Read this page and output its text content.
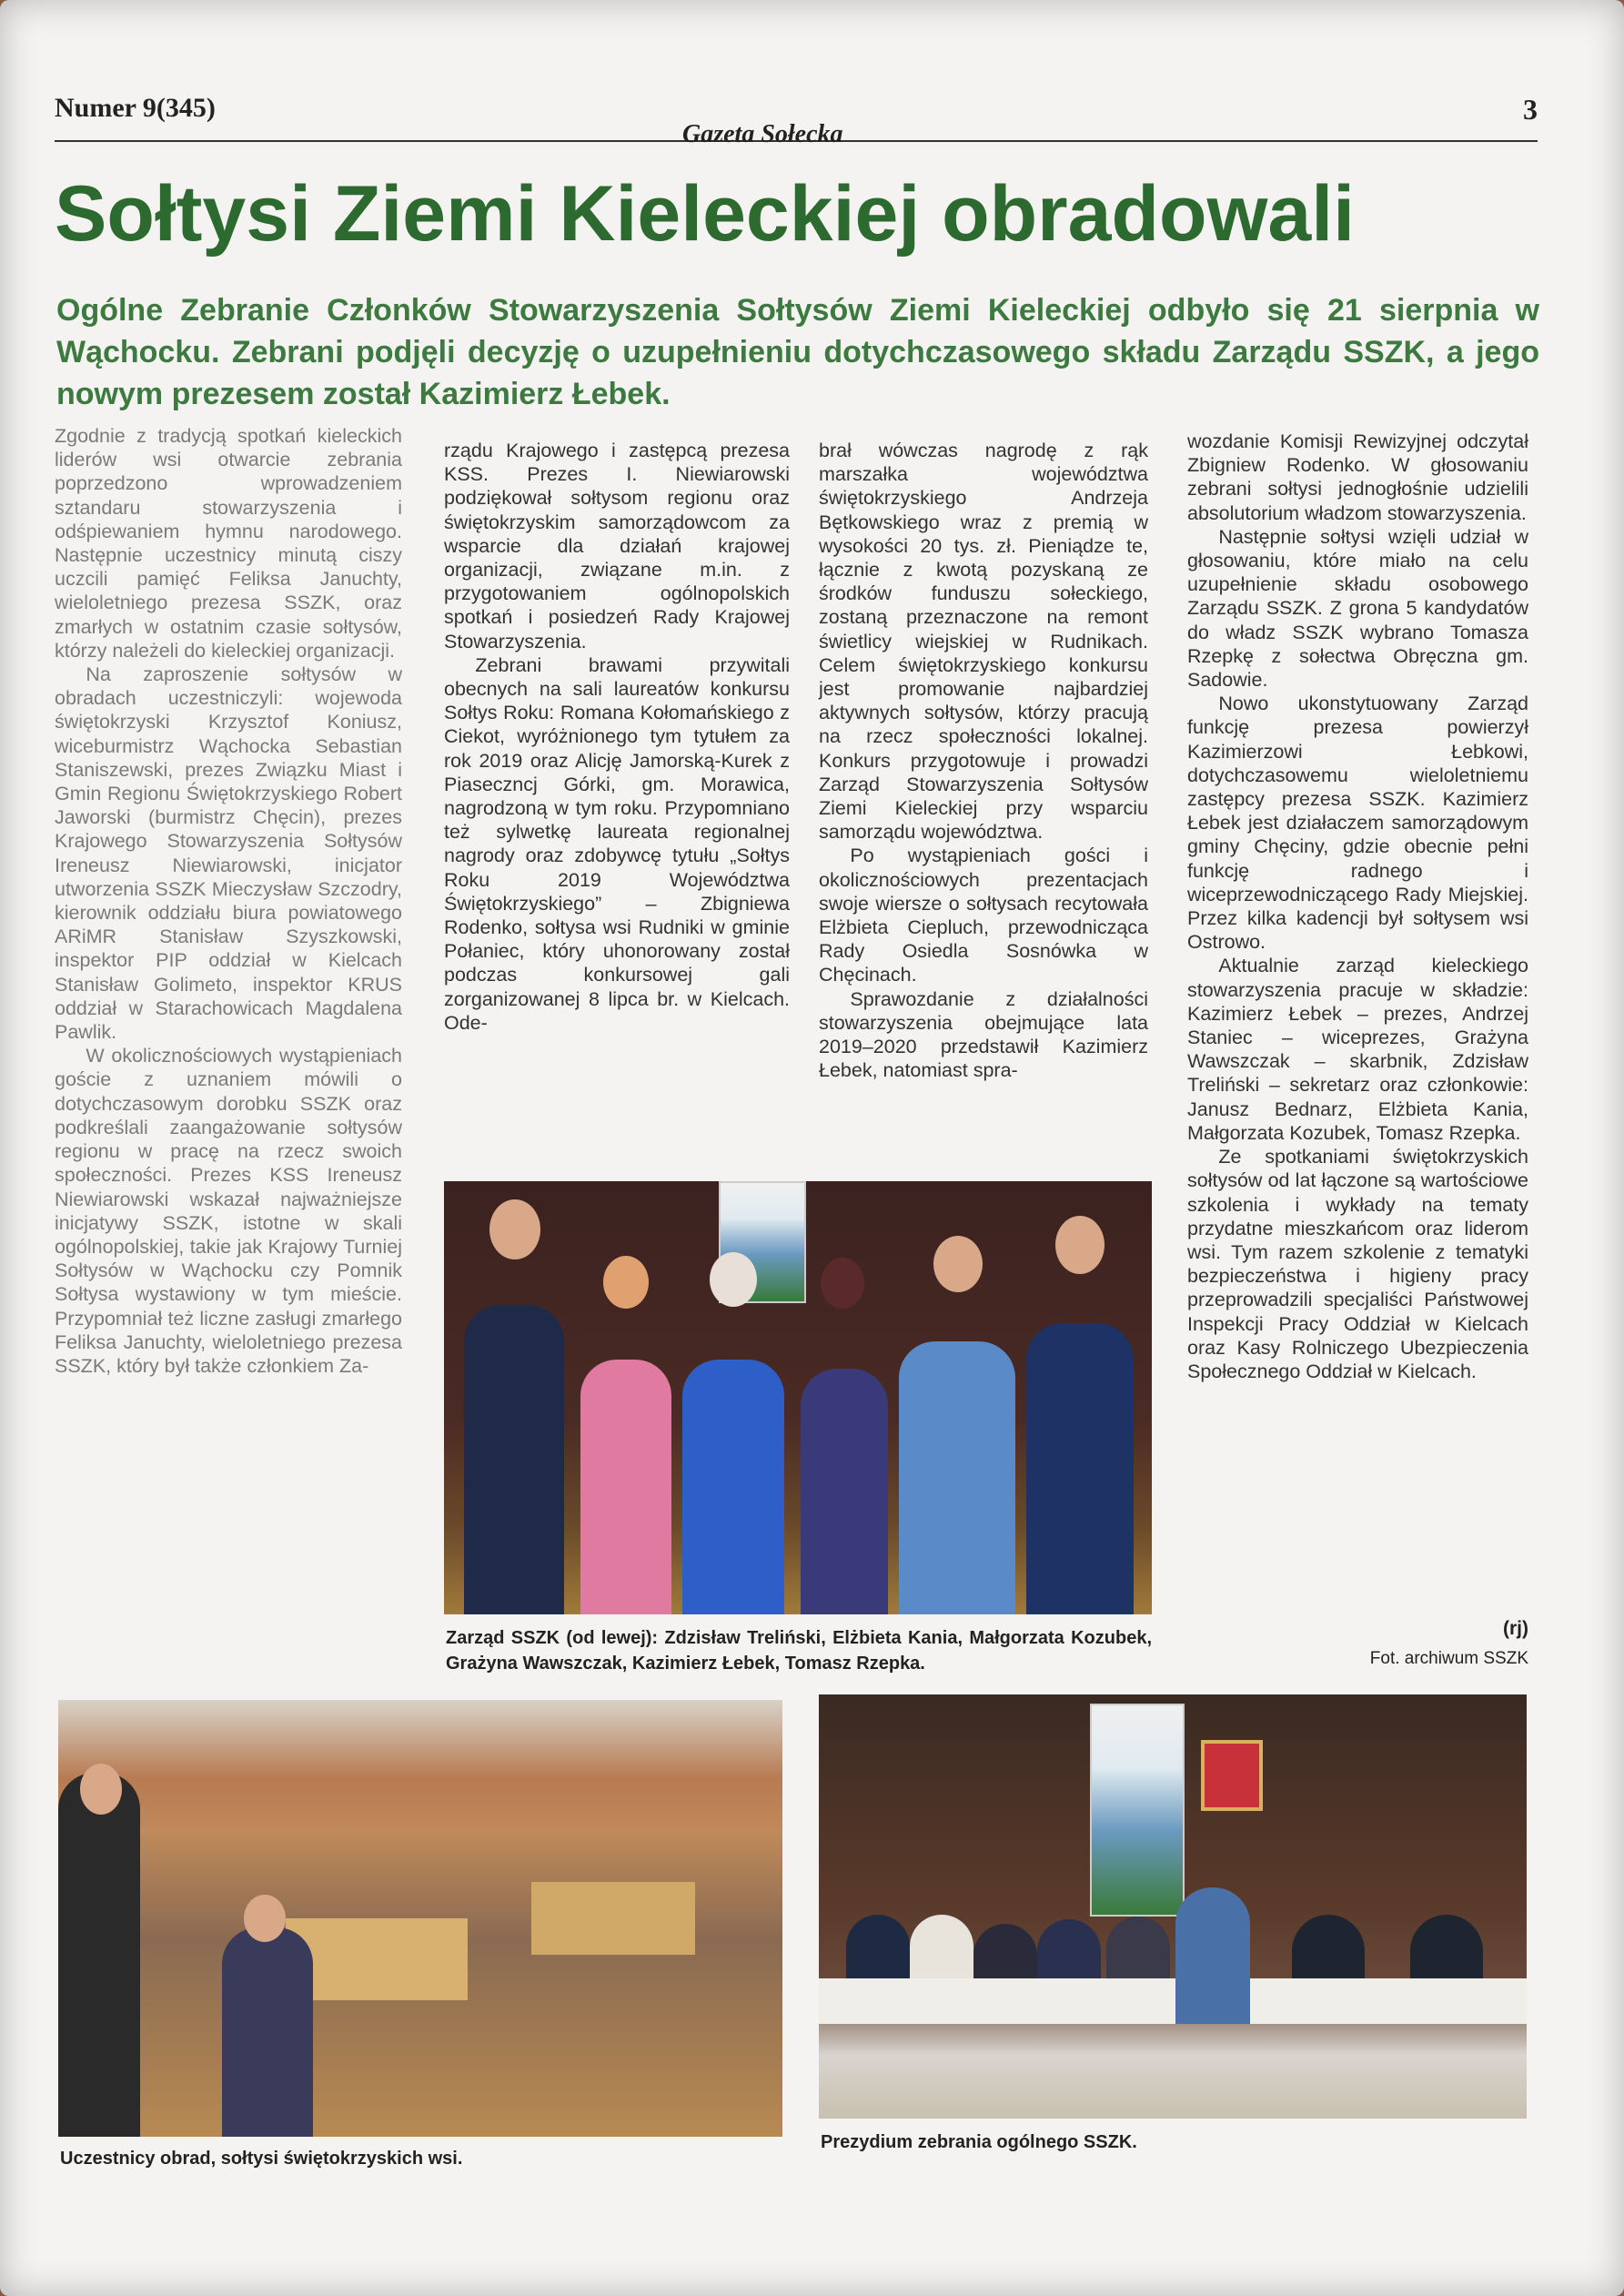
Numer 9(345)
Gazeta Sołecka
3
Sołtysi Ziemi Kieleckiej obradowali

Ogólne Zebranie Członków Stowarzyszenia Sołtysów Ziemi Kieleckiej odbyło się 21 sierpnia w Wąchocku. Zebrani podjęli decyzję o uzupełnieniu dotychczasowego składu Zarządu SSZK, a jego nowym prezesem został Kazimierz Łebek.

Zgodnie z tradycją spotkań kieleckich liderów wsi otwarcie zebrania poprzedzono wprowadzeniem sztandaru stowarzyszenia i odśpiewaniem hymnu narodowego. Następnie uczestnicy minutą ciszy uczcili pamięć Feliksa Januchty, wieloletniego prezesa SSZK, oraz zmarłych w ostatnim czasie sołtysów, którzy należeli do kieleckiej organizacji.

Na zaproszenie sołtysów w obradach uczestniczyli: wojewoda świętokrzyski Krzysztof Koniusz, wiceburmistrz Wąchocka Sebastian Staniszewski, prezes Związku Miast i Gmin Regionu Świętokrzyskiego Robert Jaworski (burmistrz Chęcin), prezes Krajowego Stowarzyszenia Sołtysów Ireneusz Niewiarowski, inicjator utworzenia SSZK Mieczysław Szczodry, kierownik oddziału biura powiatowego ARiMR Stanisław Szyszkowski, inspektor PIP oddział w Kielcach Stanisław Golimeto, inspektor KRUS oddział w Starachowicach Magdalena Pawlik.

W okolicznościowych wystąpieniach goście z uznaniem mówili o dotychczasowym dorobku SSZK oraz podkreślali zaangażowanie sołtysów regionu w pracę na rzecz swoich społeczności. Prezes KSS Ireneusz Niewiarowski wskazał najważniejsze inicjatywy SSZK, istotne w skali ogólnopolskiej, takie jak Krajowy Turniej Sołtysów w Wąchocku czy Pomnik Sołtysa wystawiony w tym mieście. Przypomniał też liczne zasługi zmarłego Feliksa Januchty, wieloletniego prezesa SSZK, który był także członkiem Za-

rządu Krajowego i zastępcą prezesa KSS. Prezes I. Niewiarowski podziękował sołtysom regionu oraz świętokrzyskim samorządowcom za wsparcie dla działań krajowej organizacji, związane m.in. z przygotowaniem ogólnopolskich spotkań i posiedzeń Rady Krajowej Stowarzyszenia.

Zebrani brawami przywitali obecnych na sali laureatów konkursu Sołtys Roku: Romana Kołomańskiego z Ciekot, wyróżnionego tym tytułem za rok 2019 oraz Alicję Jamorską-Kurek z Piaseczncj Górki, gm. Morawica, nagrodzoną w tym roku. Przypomniano też sylwetkę laureata regionalnej nagrody oraz zdobywcę tytułu „Sołtys Roku 2019 Województwa Świętokrzyskiego” – Zbigniewa Rodenko, sołtysa wsi Rudniki w gminie Połaniec, który uhonorowany został podczas konkursowej gali zorganizowanej 8 lipca br. w Kielcach. Ode-

brał wówczas nagrodę z rąk marszałka województwa świętokrzyskiego Andrzeja Bętkowskiego wraz z premią w wysokości 20 tys. zł. Pieniądze te, łącznie z kwotą pozyskaną ze środków funduszu sołeckiego, zostaną przeznaczone na remont świetlicy wiejskiej w Rudnikach. Celem świętokrzyskiego konkursu jest promowanie najbardziej aktywnych sołtysów, którzy pracują na rzecz społeczności lokalnej. Konkurs przygotowuje i prowadzi Zarząd Stowarzyszenia Sołtysów Ziemi Kieleckiej przy wsparciu samorządu województwa.

Po wystąpieniach gości i okolicznościowych prezentacjach swoje wiersze o sołtysach recytowała Elżbieta Ciepluch, przewodnicząca Rady Osiedla Sosnówka w Chęcinach.

Sprawozdanie z działalności stowarzyszenia obejmujące lata 2019–2020 przedstawił Kazimierz Łebek, natomiast spra-

wozdanie Komisji Rewizyjnej odczytał Zbigniew Rodenko. W głosowaniu zebrani sołtysi jednogłośnie udzielili absolutorium władzom stowarzyszenia.

Następnie sołtysi wzięli udział w głosowaniu, które miało na celu uzupełnienie składu osobowego Zarządu SSZK. Z grona 5 kandydatów do władz SSZK wybrano Tomasza Rzepkę z sołectwa Obręczna gm. Sadowie.

Nowo ukonstytuowany Zarząd funkcję prezesa powierzył Kazimierzowi Łebkowi, dotychczasowemu wieloletniemu zastępcy prezesa SSZK. Kazimierz Łebek jest działaczem samorządowym gminy Chęciny, gdzie obecnie pełni funkcję radnego i wiceprzewodniczącego Rady Miejskiej. Przez kilka kadencji był sołtysem wsi Ostrowo.

Aktualnie zarząd kieleckiego stowarzyszenia pracuje w składzie: Kazimierz Łebek – prezes, Andrzej Staniec – wiceprezes, Grażyna Wawszczak – skarbnik, Zdzisław Treliński – sekretarz oraz członkowie: Janusz Bednarz, Elżbieta Kania, Małgorzata Kozubek, Tomasz Rzepka.

Ze spotkaniami świętokrzyskich sołtysów od lat łączone są wartościowe szkolenia i wykłady na tematy przydatne mieszkańcom oraz liderom wsi. Tym razem szkolenie z tematyki bezpieczeństwa i higieny pracy przeprowadzili specjaliści Państwowej Inspekcji Pracy Oddział w Kielcach oraz Kasy Rolniczego Ubezpieczenia Społecznego Oddział w Kielcach.

(rj)
Fot. archiwum SSZK
Zarząd SSZK (od lewej): Zdzisław Treliński, Elżbieta Kania, Małgorzata Kozubek, Grażyna Wawszczak, Kazimierz Łebek, Tomasz Rzepka.
Uczestnicy obrad, sołtysi świętokrzyskich wsi.
Prezydium zebrania ogólnego SSZK.
